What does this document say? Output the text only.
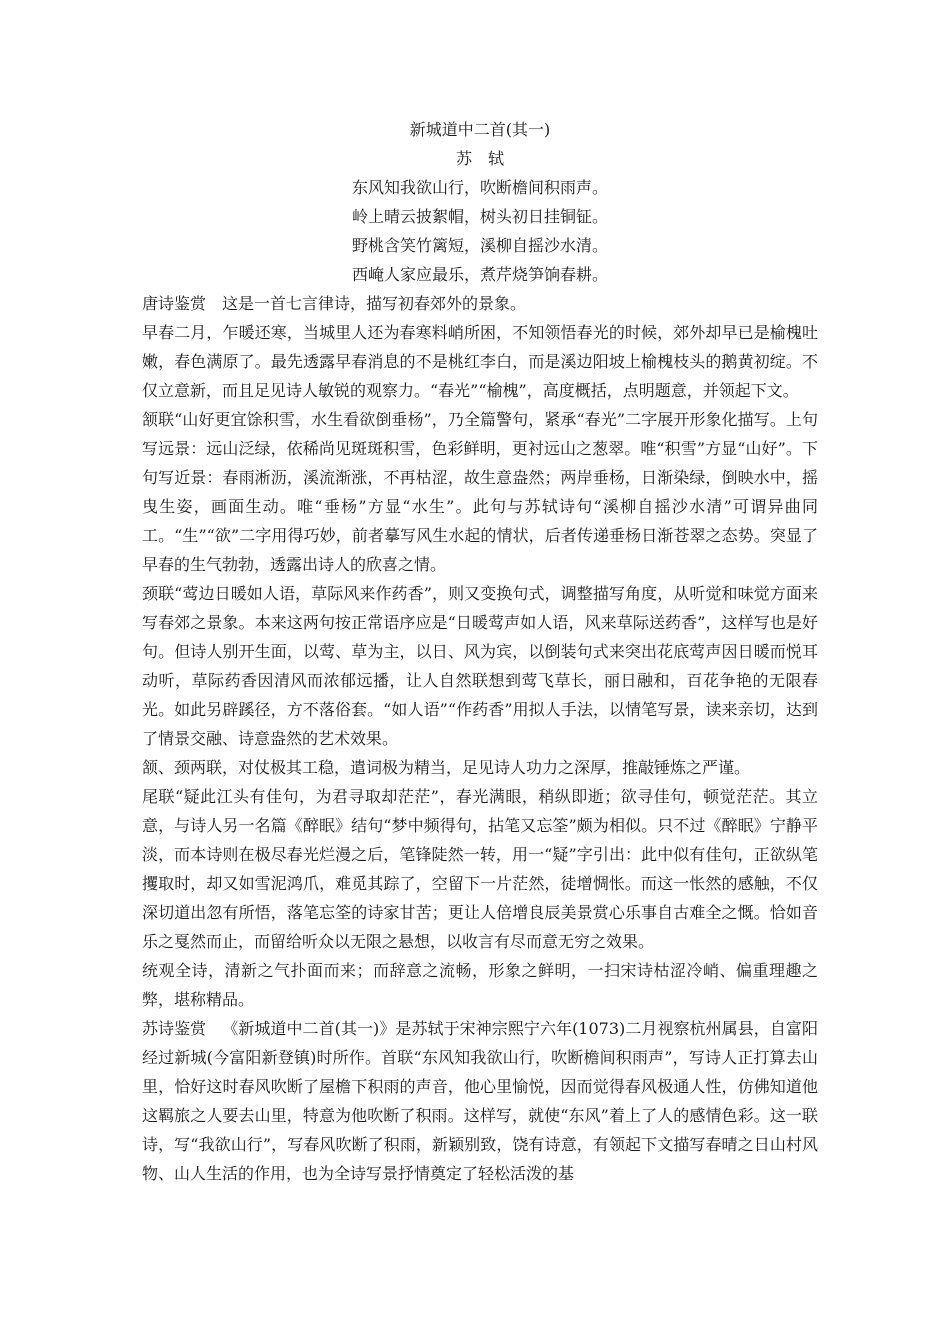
新城道中二首(其一)
苏　轼
东风知我欲山行，吹断檐间积雨声。
岭上晴云披絮帽，树头初日挂铜钲。
野桃含笑竹篱短，溪柳自摇沙水清。
西崦人家应最乐，煮芹烧笋饷春耕。

唐诗鉴赏 这是一首七言律诗，描写初春郊外的景象。

早春二月，乍暖还寒，当城里人还为春寒料峭所困，不知领悟春光的时候，郊外却早已是榆槐吐嫩，春色满原了。最先透露早春消息的不是桃红李白，而是溪边阳坡上榆槐枝头的鹅黄初绽。不仅立意新，而且足见诗人敏锐的观察力。“春光”“榆槐”，高度概括，点明题意，并领起下文。

颔联“山好更宜馀积雪，水生看欲倒垂杨”，乃全篇警句，紧承“春光”二字展开形象化描写。上句写远景：远山泛绿，依稀尚见斑斑积雪，色彩鲜明，更衬远山之葱翠。唯“积雪”方显“山好”。下句写近景：春雨淅沥，溪流渐涨，不再枯涩，故生意盎然；两岸垂杨，日渐染绿，倒映水中，摇曳生姿，画面生动。唯“垂杨”方显“水生”。此句与苏轼诗句“溪柳自摇沙水清”可谓异曲同工。“生”“欲”二字用得巧妙，前者摹写风生水起的情状，后者传递垂杨日渐苍翠之态势。突显了早春的生气勃勃，透露出诗人的欣喜之情。

颈联“莺边日暖如人语，草际风来作药香”，则又变换句式，调整描写角度，从听觉和味觉方面来写春郊之景象。本来这两句按正常语序应是“日暖莺声如人语，风来草际送药香”，这样写也是好句。但诗人别开生面，以莺、草为主，以日、风为宾，以倒装句式来突出花底莺声因日暖而悦耳动听，草际药香因清风而浓郁远播，让人自然联想到莺飞草长，丽日融和，百花争艳的无限春光。如此另辟蹊径，方不落俗套。“如人语”“作药香”用拟人手法，以情笔写景，读来亲切，达到了情景交融、诗意盎然的艺术效果。

颔、颈两联，对仗极其工稳，遣词极为精当，足见诗人功力之深厚，推敲锤炼之严谨。

尾联“疑此江头有佳句，为君寻取却茫茫”，春光满眼，稍纵即逝；欲寻佳句，顿觉茫茫。其立意，与诗人另一名篇《醉眠》结句“梦中频得句，拈笔又忘筌”颇为相似。只不过《醉眠》宁静平淡，而本诗则在极尽春光烂漫之后，笔锋陡然一转，用一“疑”字引出：此中似有佳句，正欲纵笔攫取时，却又如雪泥鸿爪，难觅其踪了，空留下一片茫然，徒增惆怅。而这一怅然的感触，不仅深切道出忽有所悟，落笔忘筌的诗家甘苦；更让人倍增良辰美景赏心乐事自古难全之慨。恰如音乐之戛然而止，而留给听众以无限之悬想，以收言有尽而意无穷之效果。

统观全诗，清新之气扑面而来；而辞意之流畅，形象之鲜明，一扫宋诗枯涩冷峭、偏重理趣之弊，堪称精品。

苏诗鉴赏 《新城道中二首(其一)》是苏轼于宋神宗熙宁六年(1073)二月视察杭州属县，自富阳经过新城(今富阳新登镇)时所作。首联“东风知我欲山行，吹断檐间积雨声”，写诗人正打算去山里，恰好这时春风吹断了屋檐下积雨的声音，他心里愉悦，因而觉得春风极通人性，仿佛知道他这羁旅之人要去山里，特意为他吹断了积雨。这样写，就使“东风”着上了人的感情色彩。这一联诗，写“我欲山行”，写春风吹断了积雨，新颖别致，饶有诗意，有领起下文描写春晴之日山村风物、山人生活的作用，也为全诗写景抒情奠定了轻松活泼的基
